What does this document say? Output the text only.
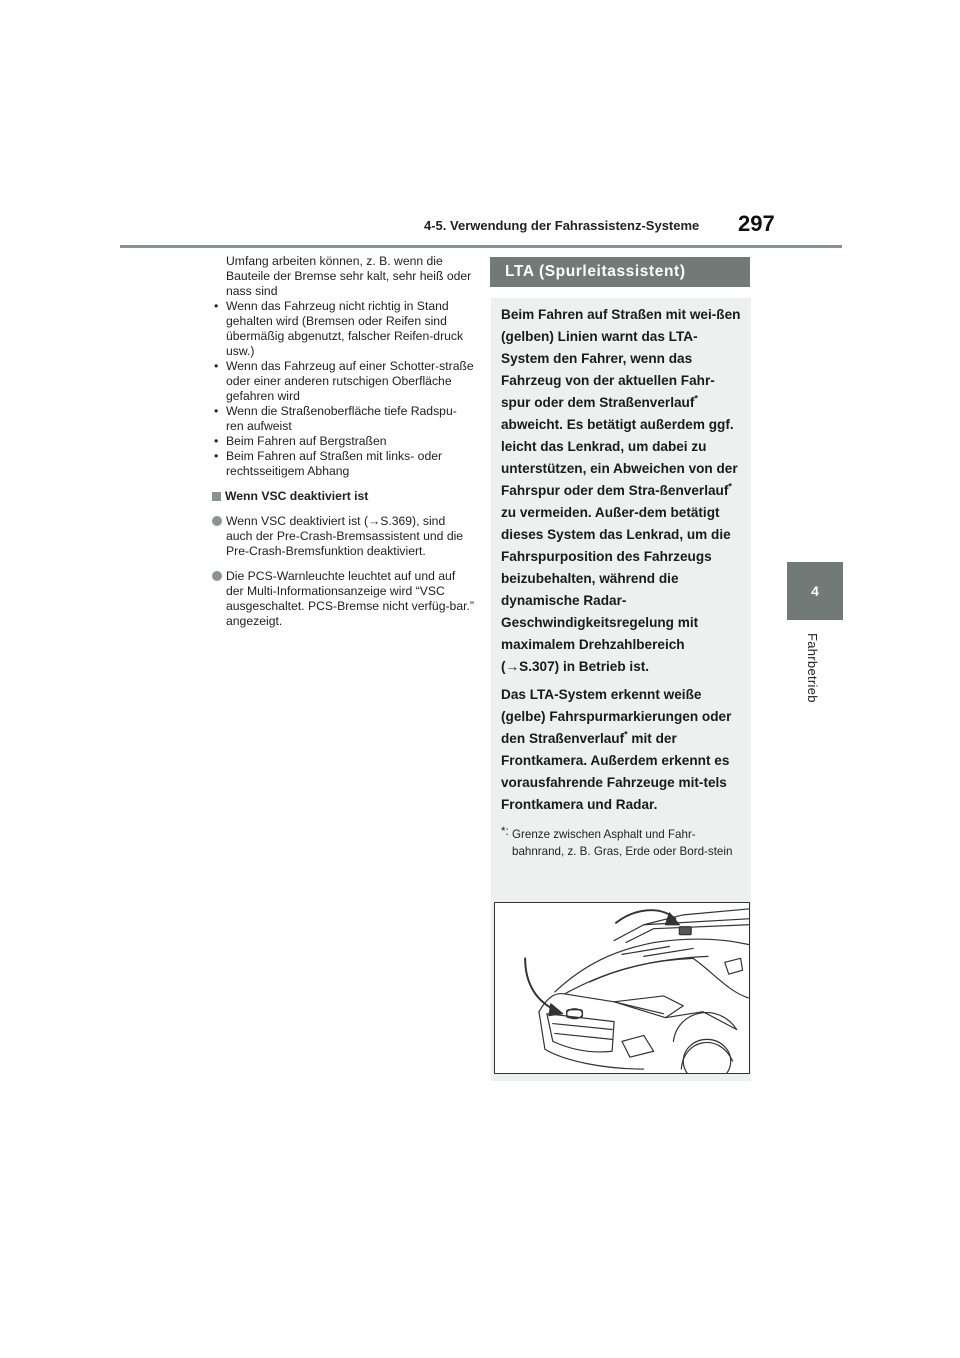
4-5. Verwendung der Fahrassistenz-Systeme 297
4
Fahrbetrieb

Umfang arbeiten können, z. B. wenn die Bauteile der Bremse sehr kalt, sehr heiß oder nass sind

• Wenn das Fahrzeug nicht richtig in Stand gehalten wird (Bremsen oder Reifen sind übermäßig abgenutzt, falscher Reifen-druck usw.)
• Wenn das Fahrzeug auf einer Schotter-straße oder einer anderen rutschigen Oberfläche gefahren wird
• Wenn die Straßenoberfläche tiefe Radspu-ren aufweist
• Beim Fahren auf Bergstraßen
• Beim Fahren auf Straßen mit links- oder rechtsseitigem Abhang
Wenn VSC deaktiviert ist

Wenn VSC deaktiviert ist (→S.369), sind auch der Pre-Crash-Bremsassistent und die Pre-Crash-Bremsfunktion deaktiviert.

Die PCS-Warnleuchte leuchtet auf und auf der Multi-Informationsanzeige wird “VSC ausgeschaltet. PCS-Bremse nicht verfüg-bar.” angezeigt.

LTA (Spurleitassistent)

Beim Fahren auf Straßen mit wei-ßen (gelben) Linien warnt das LTA-System den Fahrer, wenn das Fahrzeug von der aktuellen Fahr-spur oder dem Straßenverlauf* abweicht. Es betätigt außerdem ggf. leicht das Lenkrad, um dabei zu unterstützen, ein Abweichen von der Fahrspur oder dem Stra-ßenverlauf* zu vermeiden. Außer-dem betätigt dieses System das Lenkrad, um die Fahrspurposition des Fahrzeugs beizubehalten, während die dynamische Radar-Geschwindigkeitsregelung mit maximalem Drehzahlbereich (→S.307) in Betrieb ist.

Das LTA-System erkennt weiße (gelbe) Fahrspurmarkierungen oder den Straßenverlauf* mit der Frontkamera. Außerdem erkennt es vorausfahrende Fahrzeuge mit-tels Frontkamera und Radar.

*: Grenze zwischen Asphalt und Fahr-bahnrand, z. B. Gras, Erde oder Bord-stein
